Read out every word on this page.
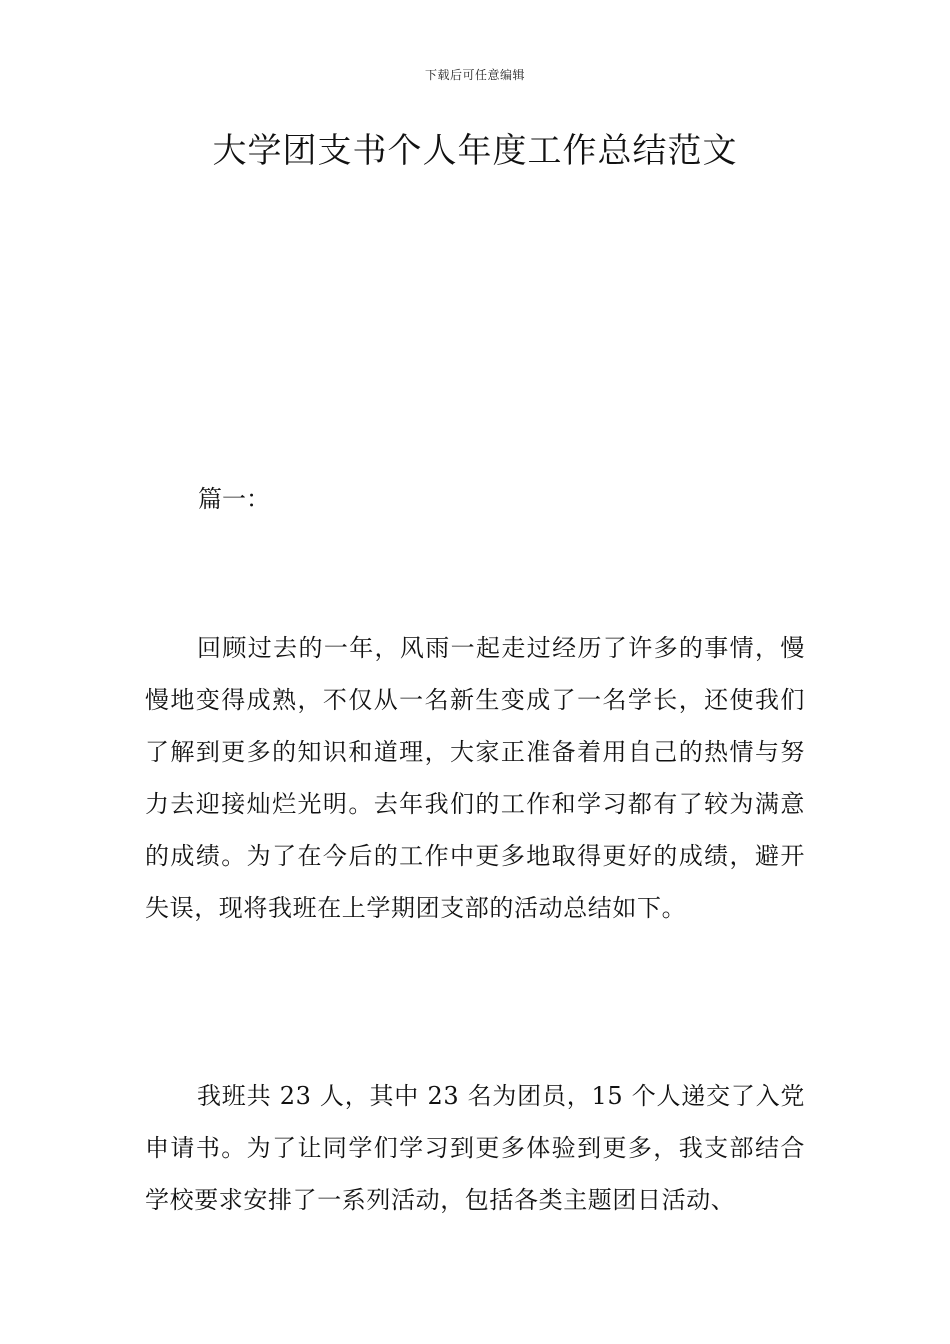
下载后可任意编辑
大学团支书个人年度工作总结范文
篇一：

回顾过去的一年，风雨一起走过经历了许多的事情，慢慢地变得成熟，不仅从一名新生变成了一名学长，还使我们了解到更多的知识和道理，大家正准备着用自己的热情与努力去迎接灿烂光明。去年我们的工作和学习都有了较为满意的成绩。为了在今后的工作中更多地取得更好的成绩，避开失误，现将我班在上学期团支部的活动总结如下。

我班共 23 人，其中 23 名为团员，15 个人递交了入党申请书。为了让同学们学习到更多体验到更多，我支部结合学校要求安排了一系列活动，包括各类主题团日活动、
